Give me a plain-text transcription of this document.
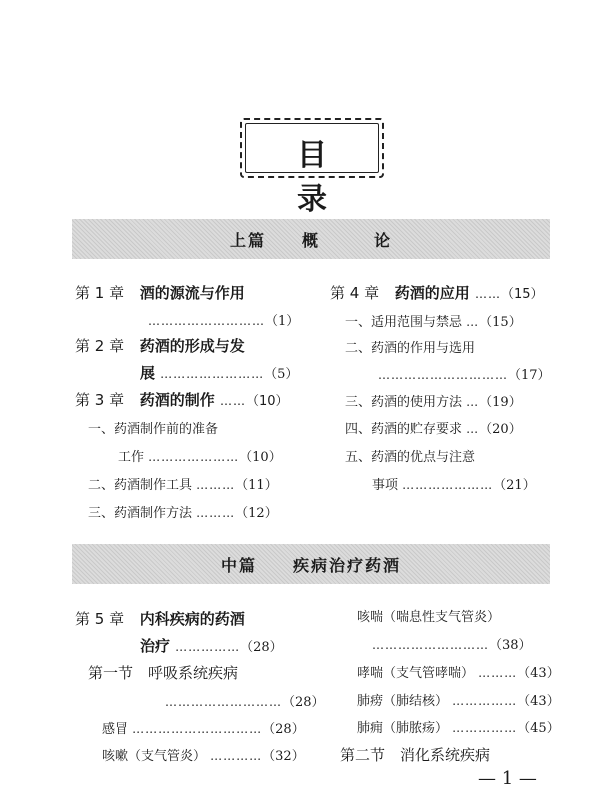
目 录
上篇　　概　　　论
第 1 章 酒的源流与作用
………………………（1）
第 2 章 药酒的形成与发
展 ……………………（5）
第 3 章 药酒的制作 ……（10）
一、药酒制作前的准备
工作 …………………（10）
二、药酒制作工具 ………（11）
三、药酒制作方法 ………（12）
第 4 章 药酒的应用 ……（15）
一、适用范围与禁忌 …（15）
二、药酒的作用与选用
…………………………（17）
三、药酒的使用方法 …（19）
四、药酒的贮存要求 …（20）
五、药酒的优点与注意
事项 …………………（21）
中篇　　疾病治疗药酒
第 5 章 内科疾病的药酒
治疗 ……………（28）
第一节　呼吸系统疾病
………………………（28）
感冒 …………………………（28）
咳嗽（支气管炎） …………（32）
咳喘（喘息性支气管炎）
………………………（38）
哮喘（支气管哮喘） ………（43）
肺痨（肺结核） ……………（43）
肺痈（肺脓疡） ……………（45）
第二节　消化系统疾病
— 1 —
